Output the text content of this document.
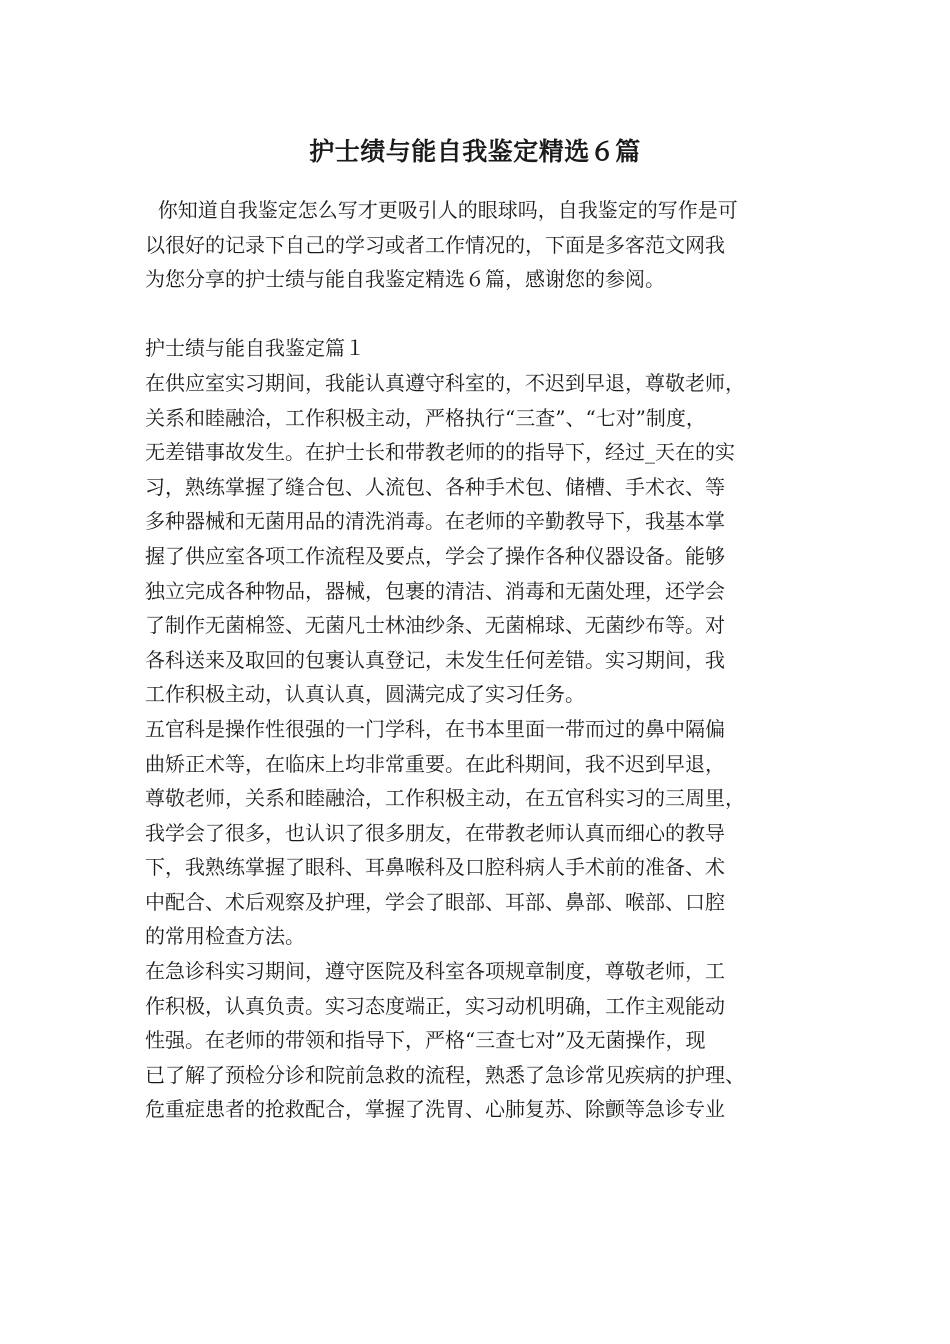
护士绩与能自我鉴定精选６篇
你知道自我鉴定怎么写才更吸引人的眼球吗，自我鉴定的写作是可
以很好的记录下自己的学习或者工作情况的，下面是多客范文网我
为您分享的护士绩与能自我鉴定精选６篇，感谢您的参阅。
护士绩与能自我鉴定篇１
在供应室实习期间，我能认真遵守科室的，不迟到早退，尊敬老师，
关系和睦融洽，工作积极主动，严格执行“三查”、“七对”制度，
无差错事故发生。在护士长和带教老师的的指导下，经过_天在的实
习，熟练掌握了缝合包、人流包、各种手术包、储槽、手术衣、等
多种器械和无菌用品的清洗消毒。在老师的辛勤教导下，我基本掌
握了供应室各项工作流程及要点，学会了操作各种仪器设备。能够
独立完成各种物品，器械，包裹的清洁、消毒和无菌处理，还学会
了制作无菌棉签、无菌凡士林油纱条、无菌棉球、无菌纱布等。对
各科送来及取回的包裹认真登记，未发生任何差错。实习期间，我
工作积极主动，认真认真，圆满完成了实习任务。
五官科是操作性很强的一门学科，在书本里面一带而过的鼻中隔偏
曲矫正术等，在临床上均非常重要。在此科期间，我不迟到早退，
尊敬老师，关系和睦融洽，工作积极主动，在五官科实习的三周里，
我学会了很多，也认识了很多朋友，在带教老师认真而细心的教导
下，我熟练掌握了眼科、耳鼻喉科及口腔科病人手术前的准备、术
中配合、术后观察及护理，学会了眼部、耳部、鼻部、喉部、口腔
的常用检查方法。
在急诊科实习期间，遵守医院及科室各项规章制度，尊敬老师，工
作积极，认真负责。实习态度端正，实习动机明确，工作主观能动
性强。在老师的带领和指导下，严格“三查七对”及无菌操作，现
已了解了预检分诊和院前急救的流程，熟悉了急诊常见疾病的护理、
危重症患者的抢救配合，掌握了洗胃、心肺复苏、除颤等急诊专业
